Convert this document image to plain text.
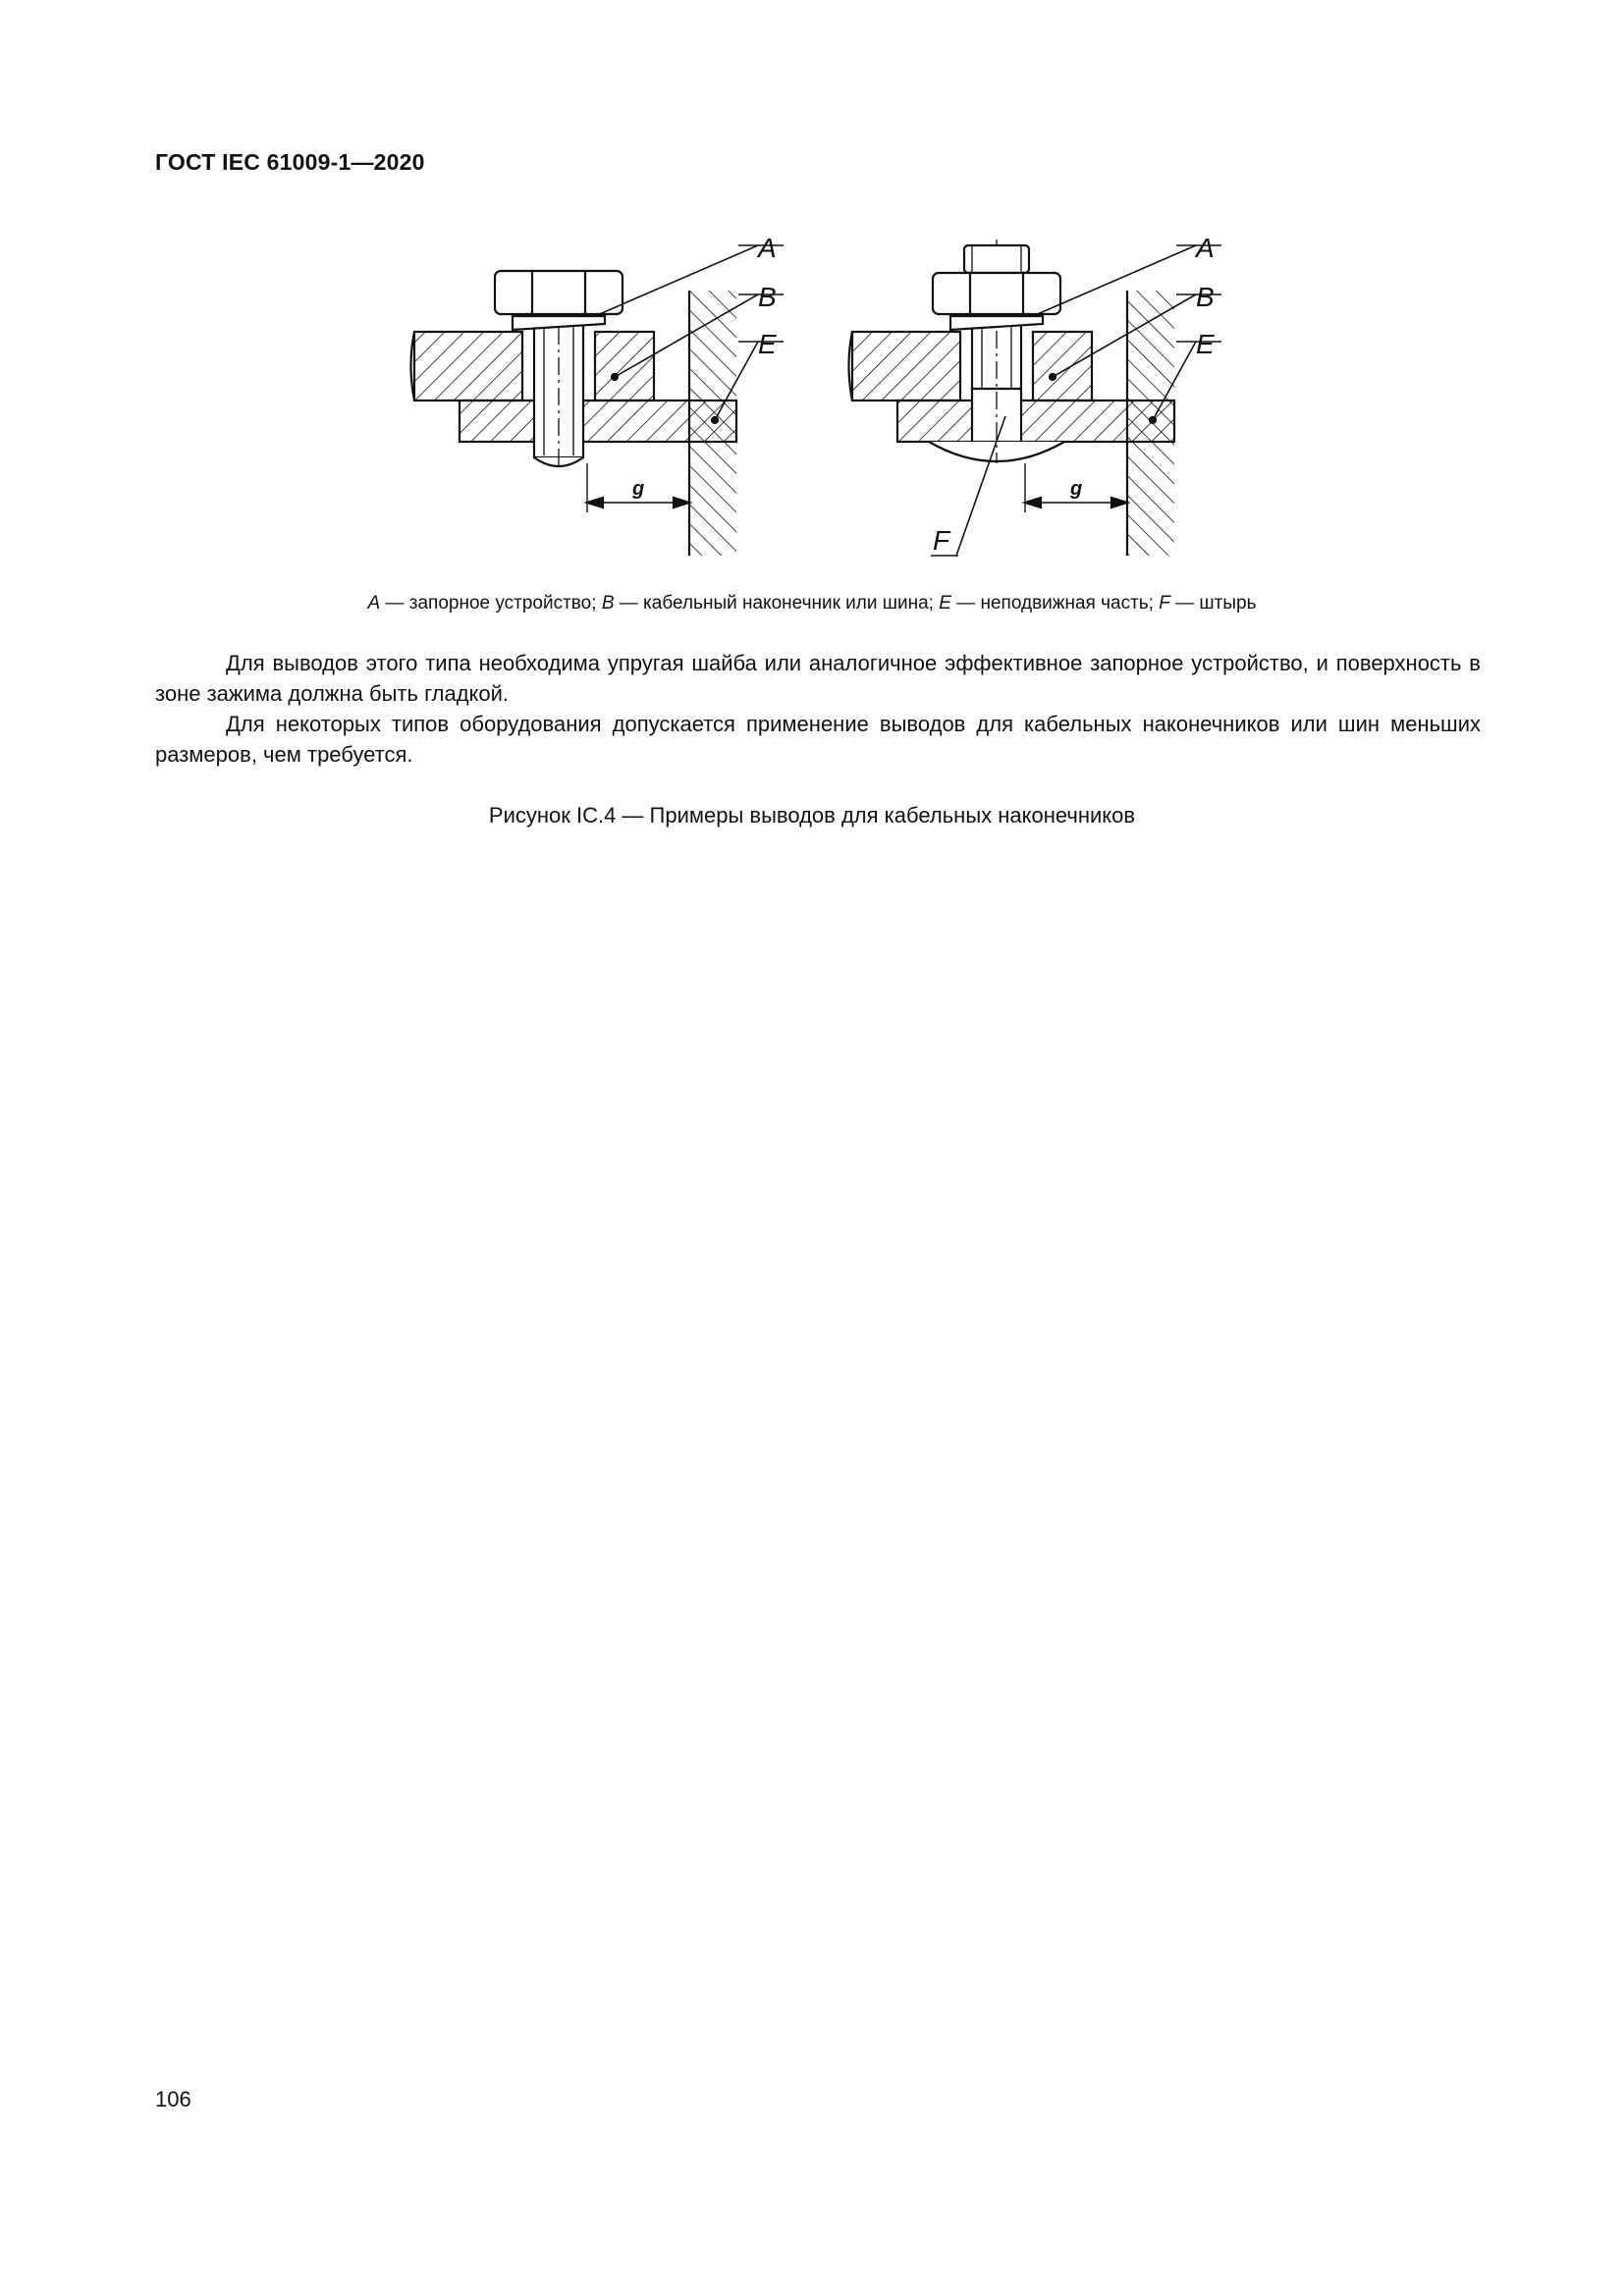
ГОСТ IEC 61009-1—2020
A
B
E
g
A
B
E
F
g
A — запорное устройство; B — кабельный наконечник или шина; E — неподвижная часть; F — штырь

Для выводов этого типа необходима упругая шайба или аналогичное эффективное запорное устройство, и поверхность в зоне зажима должна быть гладкой.

Для некоторых типов оборудования допускается применение выводов для кабельных наконечников или шин меньших размеров, чем требуется.

Рисунок IC.4 — Примеры выводов для кабельных наконечников
106
